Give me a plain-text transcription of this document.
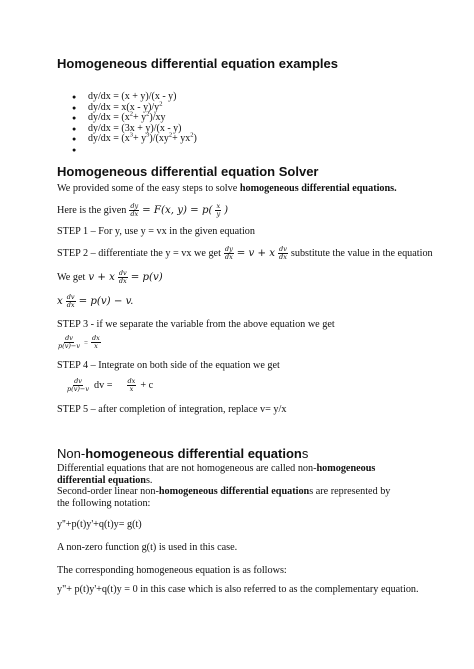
Homogeneous differential equation examples
● dy/dx = (x + y)/(x - y)
● $dy/dx = x(x - y)/y^2$
● $dy/dx = (x^2+ y^2)/xy$
● dy/dx = (3x + y)/(x - y)
● $dy/dx = (x^3+ y^3)/(xy^2+ yx^2)$
●
Homogeneous differential equation Solver
We provided some of the easy steps to solve homogeneous differential equations.
Here is the given $\frac{dy}{dx} = F(x$, $y) = p( \frac{x}{y}$ )
STEP 1 – For y, use y = vx in the given equation
STEP 2 – differentiate the y = vx we get $\frac{dy}{dx} = v + x \frac{dv}{dx}$ substitute the value in the equation
We get v + x $\frac{dv}{dx} = p(v)$
x $\frac{dv}{dx} = p(v) - v$.
STEP 3 - if we separate the variable from the above equation we get
$\frac{dv}{p(v)-v} = \frac{dx}{x}$
STEP 4 – Integrate on both side of the equation we get
$\frac{dv}{p(v)-v}$ dv = $\frac{dx}{x} + c$
STEP 5 – after completion of integration, replace v= y/x
Non-homogeneous differential equations
Differential equations that are not homogeneous are called non-homogeneous differential equations.
Second-order linear non-homogeneous differential equations are represented by the following notation:
y''+p(t)y'+q(t)y= g(t)
A non-zero function g(t) is used in this case.
The corresponding homogeneous equation is as follows:
y"+ p(t)y'+q(t)y = 0 in this case which is also referred to as the complementary equation.
